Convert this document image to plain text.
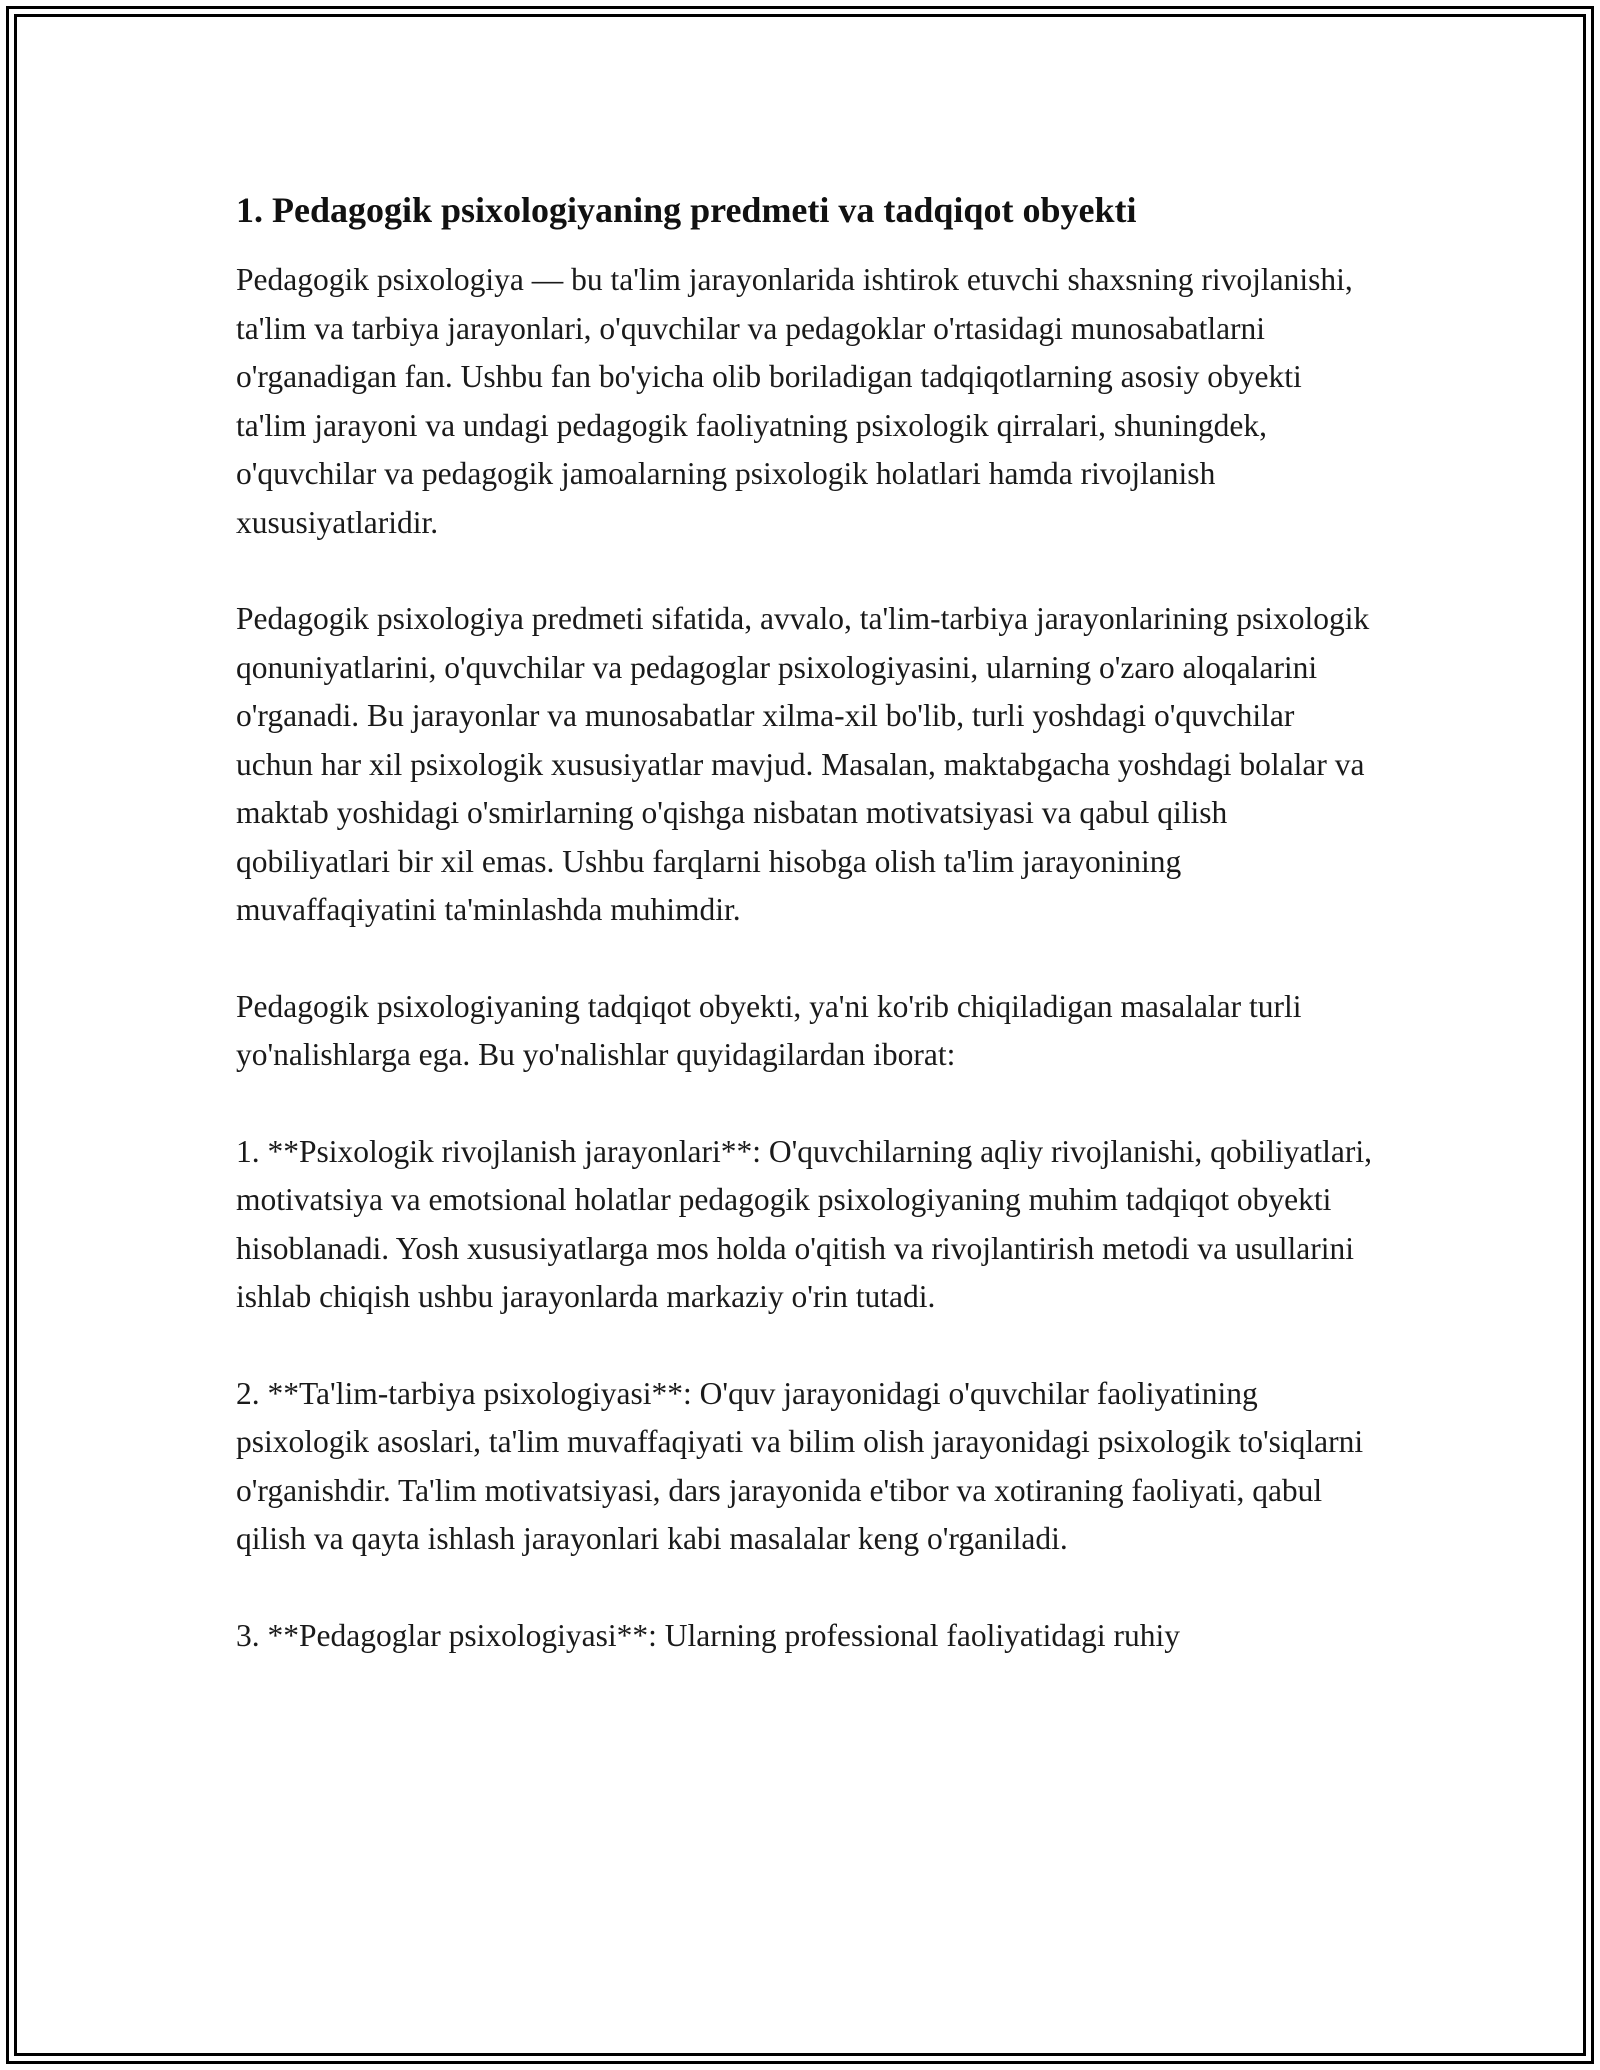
1. Pedagogik psixologiyaning predmeti va tadqiqot obyekti

Pedagogik psixologiya — bu ta'lim jarayonlarida ishtirok etuvchi shaxsning rivojlanishi, ta'lim va tarbiya jarayonlari, o'quvchilar va pedagoklar o'rtasidagi munosabatlarni o'rganadigan fan. Ushbu fan bo'yicha olib boriladigan tadqiqotlarning asosiy obyekti ta'lim jarayoni va undagi pedagogik faoliyatning psixologik qirralari, shuningdek, o'quvchilar va pedagogik jamoalarning psixologik holatlari hamda rivojlanish xususiyatlaridir.

Pedagogik psixologiya predmeti sifatida, avvalo, ta'lim-tarbiya jarayonlarining psixologik qonuniyatlarini, o'quvchilar va pedagoglar psixologiyasini, ularning o'zaro aloqalarini o'rganadi. Bu jarayonlar va munosabatlar xilma-xil bo'lib, turli yoshdagi o'quvchilar uchun har xil psixologik xususiyatlar mavjud. Masalan, maktabgacha yoshdagi bolalar va maktab yoshidagi o'smirlarning o'qishga nisbatan motivatsiyasi va qabul qilish qobiliyatlari bir xil emas. Ushbu farqlarni hisobga olish ta'lim jarayonining muvaffaqiyatini ta'minlashda muhimdir.

Pedagogik psixologiyaning tadqiqot obyekti, ya'ni ko'rib chiqiladigan masalalar turli yo'nalishlarga ega. Bu yo'nalishlar quyidagilardan iborat:

1. **Psixologik rivojlanish jarayonlari**: O'quvchilarning aqliy rivojlanishi, qobiliyatlari, motivatsiya va emotsional holatlar pedagogik psixologiyaning muhim tadqiqot obyekti hisoblanadi. Yosh xususiyatlarga mos holda o'qitish va rivojlantirish metodi va usullarini ishlab chiqish ushbu jarayonlarda markaziy o'rin tutadi.

2. **Ta'lim-tarbiya psixologiyasi**: O'quv jarayonidagi o'quvchilar faoliyatining psixologik asoslari, ta'lim muvaffaqiyati va bilim olish jarayonidagi psixologik to'siqlarni o'rganishdir. Ta'lim motivatsiyasi, dars jarayonida e'tibor va xotiraning faoliyati, qabul qilish va qayta ishlash jarayonlari kabi masalalar keng o'rganiladi.

3. **Pedagoglar psixologiyasi**: Ularning professional faoliyatidagi ruhiy
